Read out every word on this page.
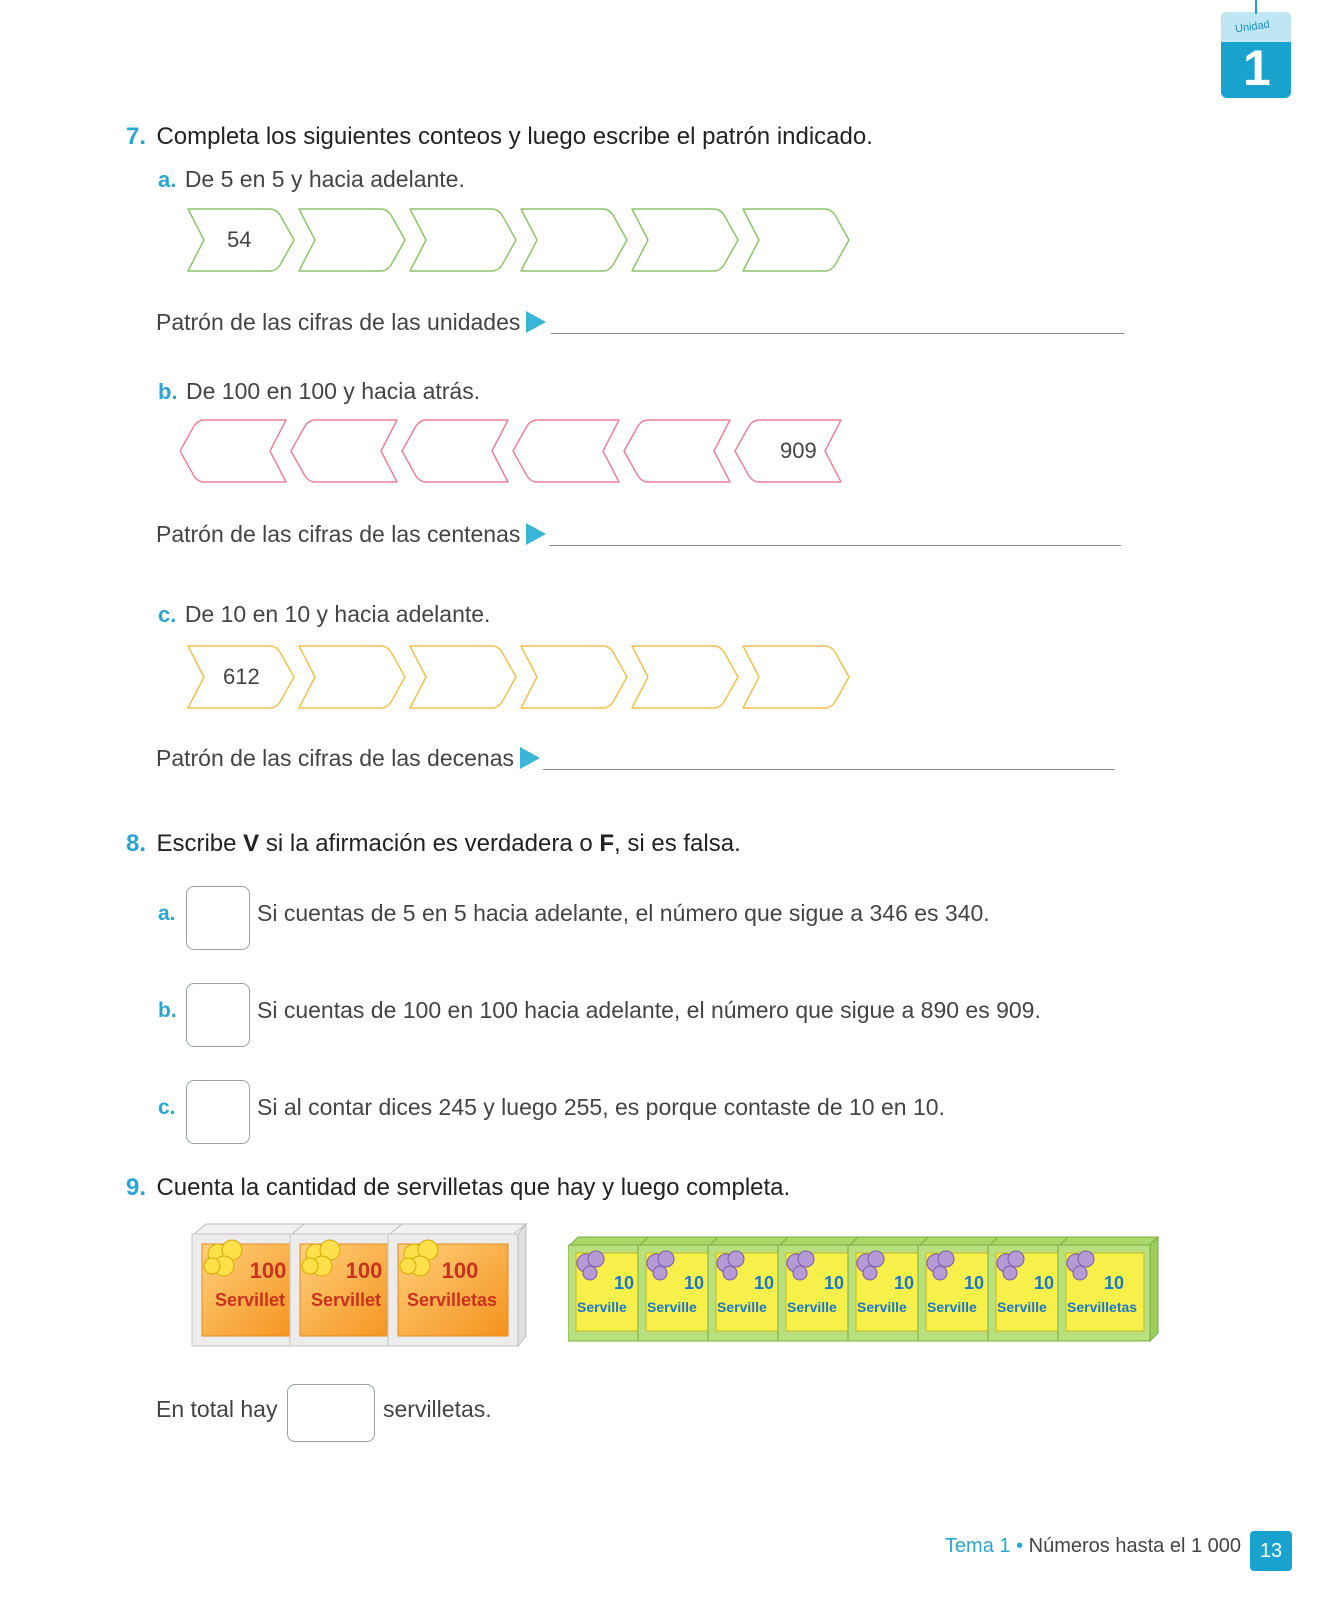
Unidad
1
7. Completa los siguientes conteos y luego escribe el patrón indicado.
a. De 5 en 5 y hacia adelante.
54
Patrón de las cifras de las unidades
b. De 100 en 100 y hacia atrás.
909
Patrón de las cifras de las centenas
c. De 10 en 10 y hacia adelante.
612
Patrón de las cifras de las decenas
8. Escribe V si la afirmación es verdadera o F, si es falsa.
a.	Si cuentas de 5 en 5 hacia adelante, el número que sigue a 346 es 340.
b.	Si cuentas de 100 en 100 hacia adelante, el número que sigue a 890 es 909.
c.	Si al contar dices 245 y luego 255, es porque contaste de 10 en 10.
9. Cuenta la cantidad de servilletas que hay y luego completa.
100
Servillet
100
Servillet
100
Servilletas
10
Serville
10
Serville
10
Serville
10
Serville
10
Serville
10
Serville
10
Serville
10
Servilletas
En total hay	servilletas.
Tema 1 • Números hasta el 1 000 13
